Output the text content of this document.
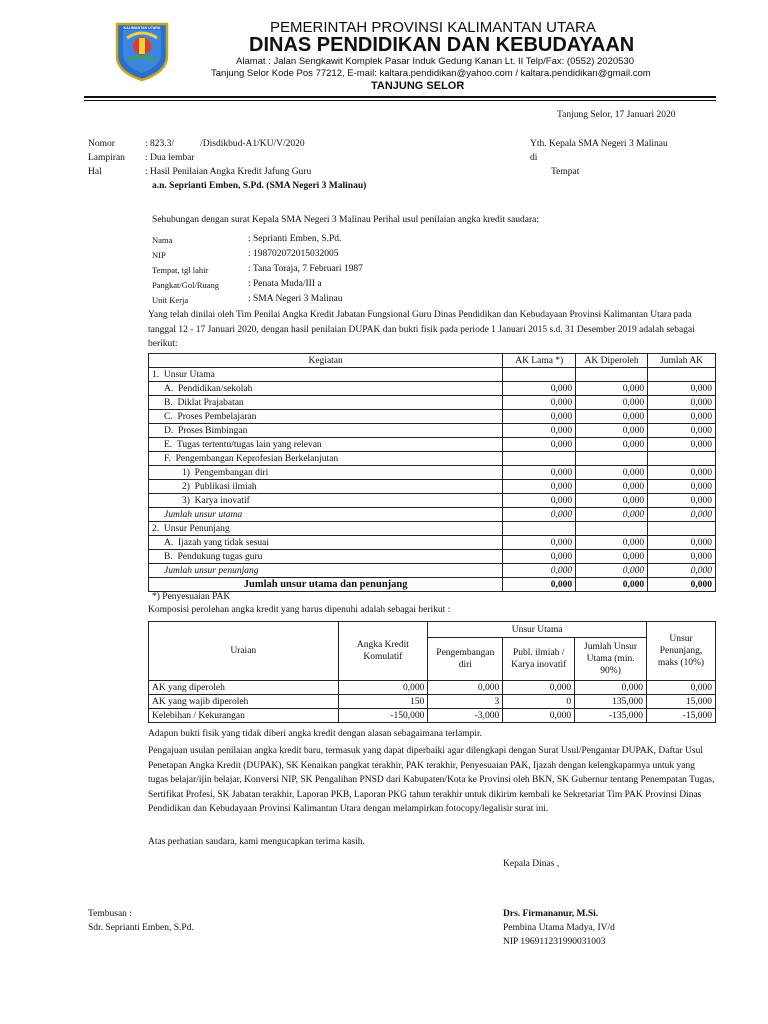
KALIMANTAN UTARA	PEMERINTAH PROVINSI KALIMANTAN UTARA
DINAS PENDIDIKAN DAN KEBUDAYAAN
Alamat : Jalan Sengkawit Komplek Pasar Induk Gedung Kanan Lt. II Telp/Fax: (0552) 2020530
Tanjung Selor Kode Pos 77212, E-mail: kaltara.pendidikan@yahoo.com / kaltara.pendidikan@gmail.com
TANJUNG SELOR
Tanjung Selor, 17 Januari 2020
Nomor	: 823.3/           /Disdikbud-A1/KU/V/2020
Lampiran : Dua lembar
Hal	: Hasil Penilaian Angka Kredit Jafung Guru
a.n. Seprianti Emben, S.Pd. (SMA Negeri 3 Malinau)
Yth. Kepala SMA Negeri 3 Malinau
di
Tempat
Sehubungan dengan surat Kepala SMA Negeri 3 Malinau Perihal usul penilaian angka kredit saudara:
Nama	: Seprianti Emben, S.Pd.
NIP	: 198702072015032005
Tempat, tgl lahir	: Tana Toraja, 7 Februari 1987
Pangkat/Gol/Ruang	: Penata Muda/III a
Unit Kerja	: SMA Negeri 3 Malinau
Yang telah dinilai oleh Tim Penilai Angka Kredit Jabatan Fungsional Guru Dinas Pendidikan dan Kebudayaan Provinsi Kalimantan Utara pada tanggal 12 - 17 Januari 2020, dengan hasil penilaian DUPAK dan bukti fisik pada periode 1 Januari 2015 s.d. 31 Desember 2019 adalah sebagai berikut:
Kegiatan	AK Lama *)	AK Diperoleh	Jumlah AK
1.  Unsur Utama			
A.  Pendidikan/sekolah	0,000	0,000	0,000
B.  Diklat Prajabatan	0,000	0,000	0,000
C.  Proses Pembelajaran	0,000	0,000	0,000
D.  Proses Bimbingan	0,000	0,000	0,000
E.  Tugas tertentu/tugas lain yang relevan	0,000	0,000	0,000
F.  Pengembangan Keprofesian Berkelanjutan			
1)  Pengembangan diri	0,000	0,000	0,000
2)  Publikasi ilmiah	0,000	0,000	0,000
3)  Karya inovatif	0,000	0,000	0,000
Jumlah unsur utama	0,000	0,000	0,000
2.  Unsur Penunjang			
A.  Ijazah yang tidak sesuai	0,000	0,000	0,000
B.  Pendukung tugas guru	0,000	0,000	0,000
Jumlah unsur penunjang	0,000	0,000	0,000
Jumlah unsur utama dan penunjang	0,000	0,000	0,000
*) Penyesuaian PAK
Komposisi perolehan angka kredit yang harus dipenuhi adalah sebagai berikut :
Uraian	Angka Kredit Komulatif	Unsur Utama			Unsur Penunjang, maks (10%)
		Pengembangan diri	Publ. ilmiah / Karya inovatif	Jumlah Unsur Utama (min. 90%)	
AK yang diperoleh	0,000	0,000	0,000	0,000	0,000
AK yang wajib diperoleh	150	3	0	135,000	15,000
Kelebihan / Kekurangan	-150,000	-3,000	0,000	-135,000	-15,000
Adapun bukti fisik yang tidak diberi angka kredit dengan alasan sebagaimana terlampir.
Pengajuan usulan penilaian angka kredit baru, termasuk yang dapat diperbaiki agar dilengkapi dengan Surat Usul/Pengantar DUPAK, Daftar Usul Penetapan Angka Kredit (DUPAK), SK Kenaikan pangkat terakhir, PAK terakhir, Penyesuaian PAK, Ijazah dengan kelengkapannya untuk yang tugas belajar/ijin belajar, Konversi NIP, SK Pengalihan PNSD dari Kabupaten/Kota ke Provinsi oleh BKN, SK Gubernur tentang Penempatan Tugas, Sertifikat Profesi, SK Jabatan terakhir, Laporan PKB, Laporan PKG tahun terakhir untuk dikirim kembali ke Sekretariat Tim PAK Provinsi Dinas Pendidikan dan Kebudayaan Provinsi Kalimantan Utara dengan melampirkan fotocopy/legalisir surat ini.
Atas perhatian saudara, kami mengucapkan terima kasih.
Kepala Dinas ,
Drs. Firmananur, M.Si.
Pembina Utama Madya, IV/d
NIP 196911231990031003
Tembusan :
Sdr. Seprianti Emben, S.Pd.
